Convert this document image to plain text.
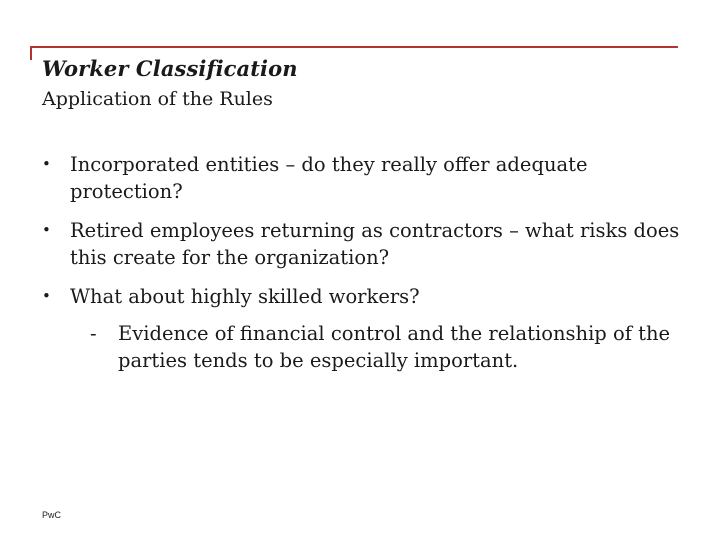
Worker Classification
Application of the Rules
• Incorporated entities – do they really offer adequate protection?
• Retired employees returning as contractors – what risks does this create for the organization?
• What about highly skilled workers?
- Evidence of financial control and the relationship of the parties tends to be especially important.
PwC
